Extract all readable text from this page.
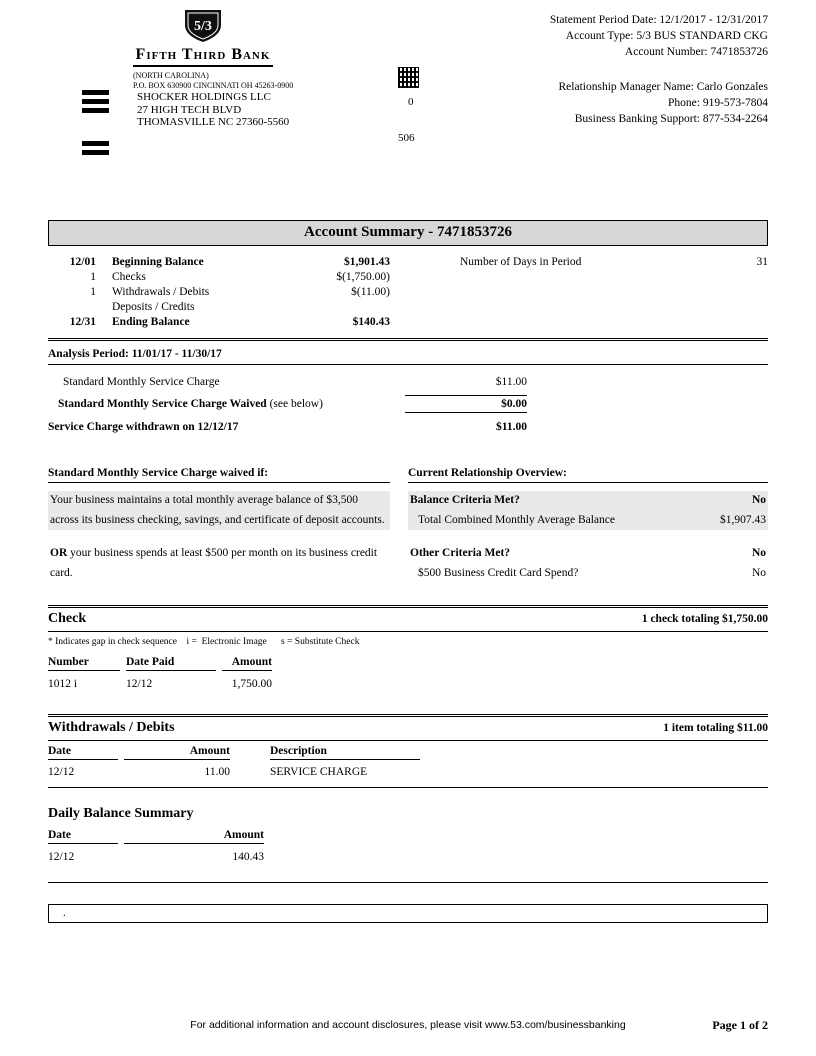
5/3
Fifth Third Bank
(NORTH CAROLINA)
P.O. BOX 630900 CINCINNATI OH 45263-0900
SHOCKER HOLDINGS LLC
27 HIGH TECH BLVD
THOMASVILLE NC 27360-5560
0
506
Statement Period Date: 12/1/2017 - 12/31/2017
Account Type: 5/3 BUS STANDARD CKG
Account Number: 7471853726
Relationship Manager Name: Carlo Gonzales
Phone: 919-573-7804
Business Banking Support: 877-534-2264
Account Summary - 7471853726
12/01 Beginning Balance	$1,901.43	Number of Days in Period	31
1 Checks	$(1,750.00)
1 Withdrawals / Debits	$(11.00)
Deposits / Credits
12/31 Ending Balance	$140.43
Analysis Period: 11/01/17 - 11/30/17
Standard Monthly Service Charge	$11.00
Standard Monthly Service Charge Waived (see below)	$0.00
Service Charge withdrawn on 12/12/17	$11.00
Standard Monthly Service Charge waived if:
Your business maintains a total monthly average balance of $3,500 across its business checking, savings, and certificate of deposit accounts.
OR your business spends at least $500 per month on its business credit card.
Current Relationship Overview:
Balance Criteria Met?	No
Total Combined Monthly Average Balance	$1,907.43
Other Criteria Met?	No
$500 Business Credit Card Spend?	No
Check	1 check totaling $1,750.00
* Indicates gap in check sequence    i =  Electronic Image      s = Substitute Check
Number	Date Paid	Amount
1012 i	12/12	1,750.00
Withdrawals / Debits	1 item totaling $11.00
Date	Amount	Description
12/12	11.00	SERVICE CHARGE
Daily Balance Summary
Date	Amount
12/12	140.43
.
For additional information and account disclosures, please visit www.53.com/businessbanking	Page 1 of 2
